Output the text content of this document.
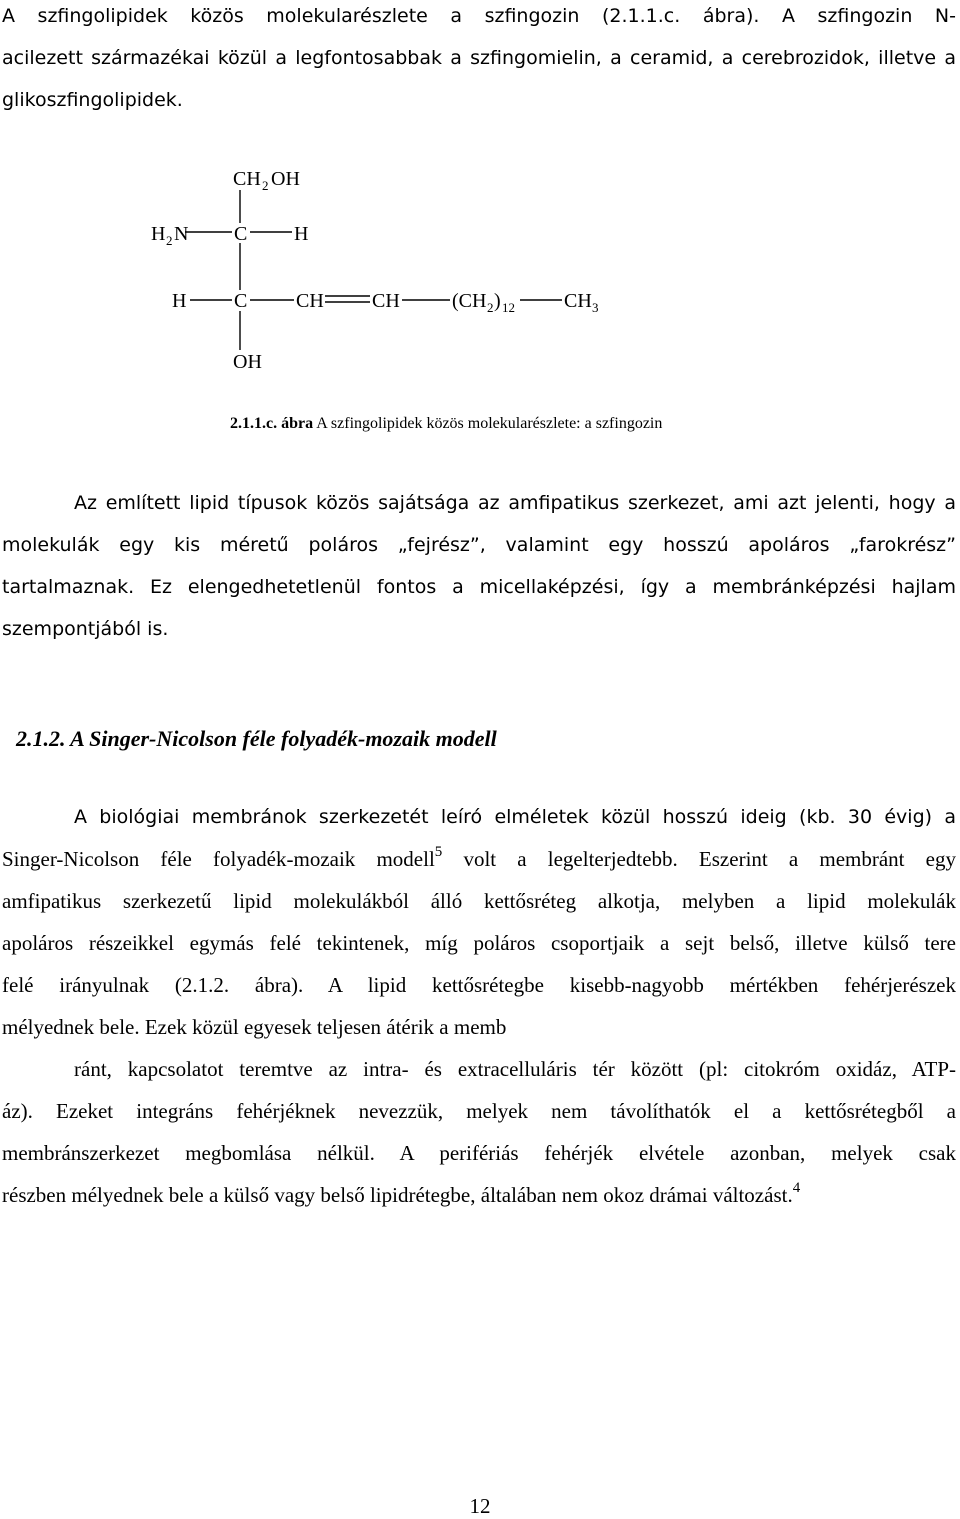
A szfingolipidek közös molekularészlete a szfingozin (2.1.1.c. ábra). A szfingozin N-
acilezett származékai közül a legfontosabbak a szfingomielin, a ceramid, a cerebrozidok, illetve a
glikoszfingolipidek.
CH 2 OH
H 2 N C H
H C CH CH	(CH 2 ) 12 CH 3
OH
2.1.1.c. ábra A szfingolipidek közös molekularészlete: a szfingozin
Az említett lipid típusok közös sajátsága az amfipatikus szerkezet, ami azt jelenti, hogy a
molekulák egy kis méretű poláros „fejrész”, valamint egy hosszú apoláros „farokrész”
tartalmaznak. Ez elengedhetetlenül fontos a micellaképzési, így a membránképzési hajlam
szempontjából is.
2.1.2. A Singer-Nicolson féle folyadék-mozaik modell
A biológiai membránok szerkezetét leíró elméletek közül hosszú ideig (kb. 30 évig) a
Singer-Nicolson féle folyadék-mozaik modell$^5$ volt a legelterjedtebb. Eszerint a membránt egy
amfipatikus szerkezetű lipid molekulákból álló kettősréteg alkotja, melyben a lipid molekulák
apoláros részeikkel egymás felé tekintenek, míg poláros csoportjaik a sejt belső, illetve külső tere
felé irányulnak (2.1.2. ábra). A lipid kettősrétegbe kisebb-nagyobb mértékben fehérjerészek
mélyednek bele. Ezek közül egyesek teljesen átérik a memb
ránt, kapcsolatot teremtve az intra- és extracelluláris tér között (pl: citokróm oxidáz, ATP-
áz). Ezeket integráns fehérjéknek nevezzük, melyek nem távolíthatók el a kettősrétegből a
membránszerkezet megbomlása nélkül. A perifériás fehérjék elvétele azonban, melyek csak
részben mélyednek bele a külső vagy belső lipidrétegbe, általában nem okoz drámai változást.$^4$
12
